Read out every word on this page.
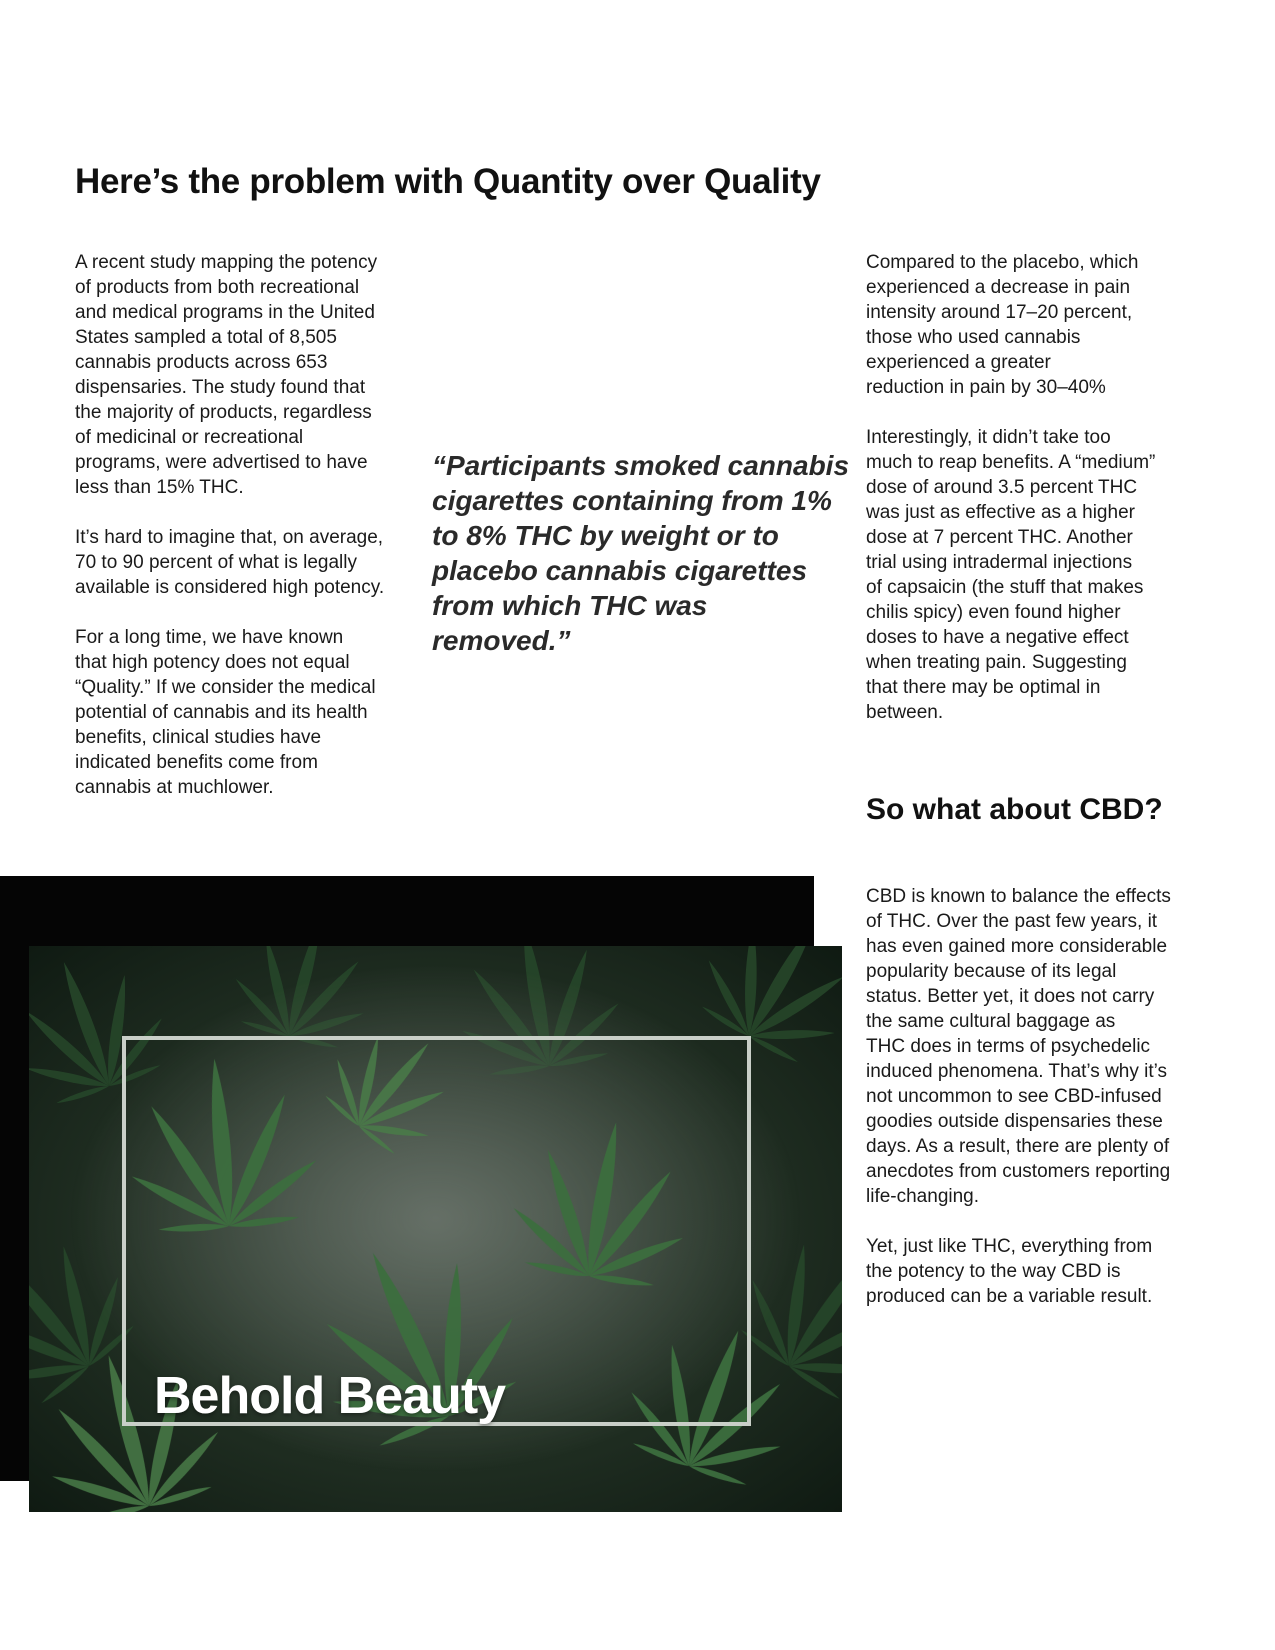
Here’s the problem with Quantity over Quality

A recent study mapping the potency
of products from both recreational
and medical programs in the United
States sampled a total of 8,505
cannabis products across 653
dispensaries. The study found that
the majority of products, regardless
of medicinal or recreational
programs, were advertised to have
less than 15% THC.

It’s hard to imagine that, on average,
70 to 90 percent of what is legally
available is considered high potency.

For a long time, we have known
that high potency does not equal
“Quality.” If we consider the medical
potential of cannabis and its health
benefits, clinical studies have
indicated benefits come from
cannabis at muchlower.

“Participants smoked cannabis
cigarettes containing from 1%
to 8% THC by weight or to
placebo cannabis cigarettes
from which THC was removed.”

Compared to the placebo, which
experienced a decrease in pain
intensity around 17–20 percent,
those who used cannabis
experienced a greater
reduction in pain by 30–40%

Interestingly, it didn’t take too
much to reap benefits. A “medium”
dose of around 3.5 percent THC
was just as effective as a higher
dose at 7 percent THC. Another
trial using intradermal injections
of capsaicin (the stuff that makes
chilis spicy) even found higher
doses to have a negative effect
when treating pain. Suggesting
that there may be optimal in
between.

So what about CBD?

CBD is known to balance the effects
of THC. Over the past few years, it
has even gained more considerable
popularity because of its legal
status. Better yet, it does not carry
the same cultural baggage as
THC does in terms of psychedelic
induced phenomena. That’s why it’s
not uncommon to see CBD-infused
goodies outside dispensaries these
days. As a result, there are plenty of
anecdotes from customers reporting
life-changing.

Yet, just like THC, everything from
the potency to the way CBD is
produced can be a variable result.

Behold Beauty
